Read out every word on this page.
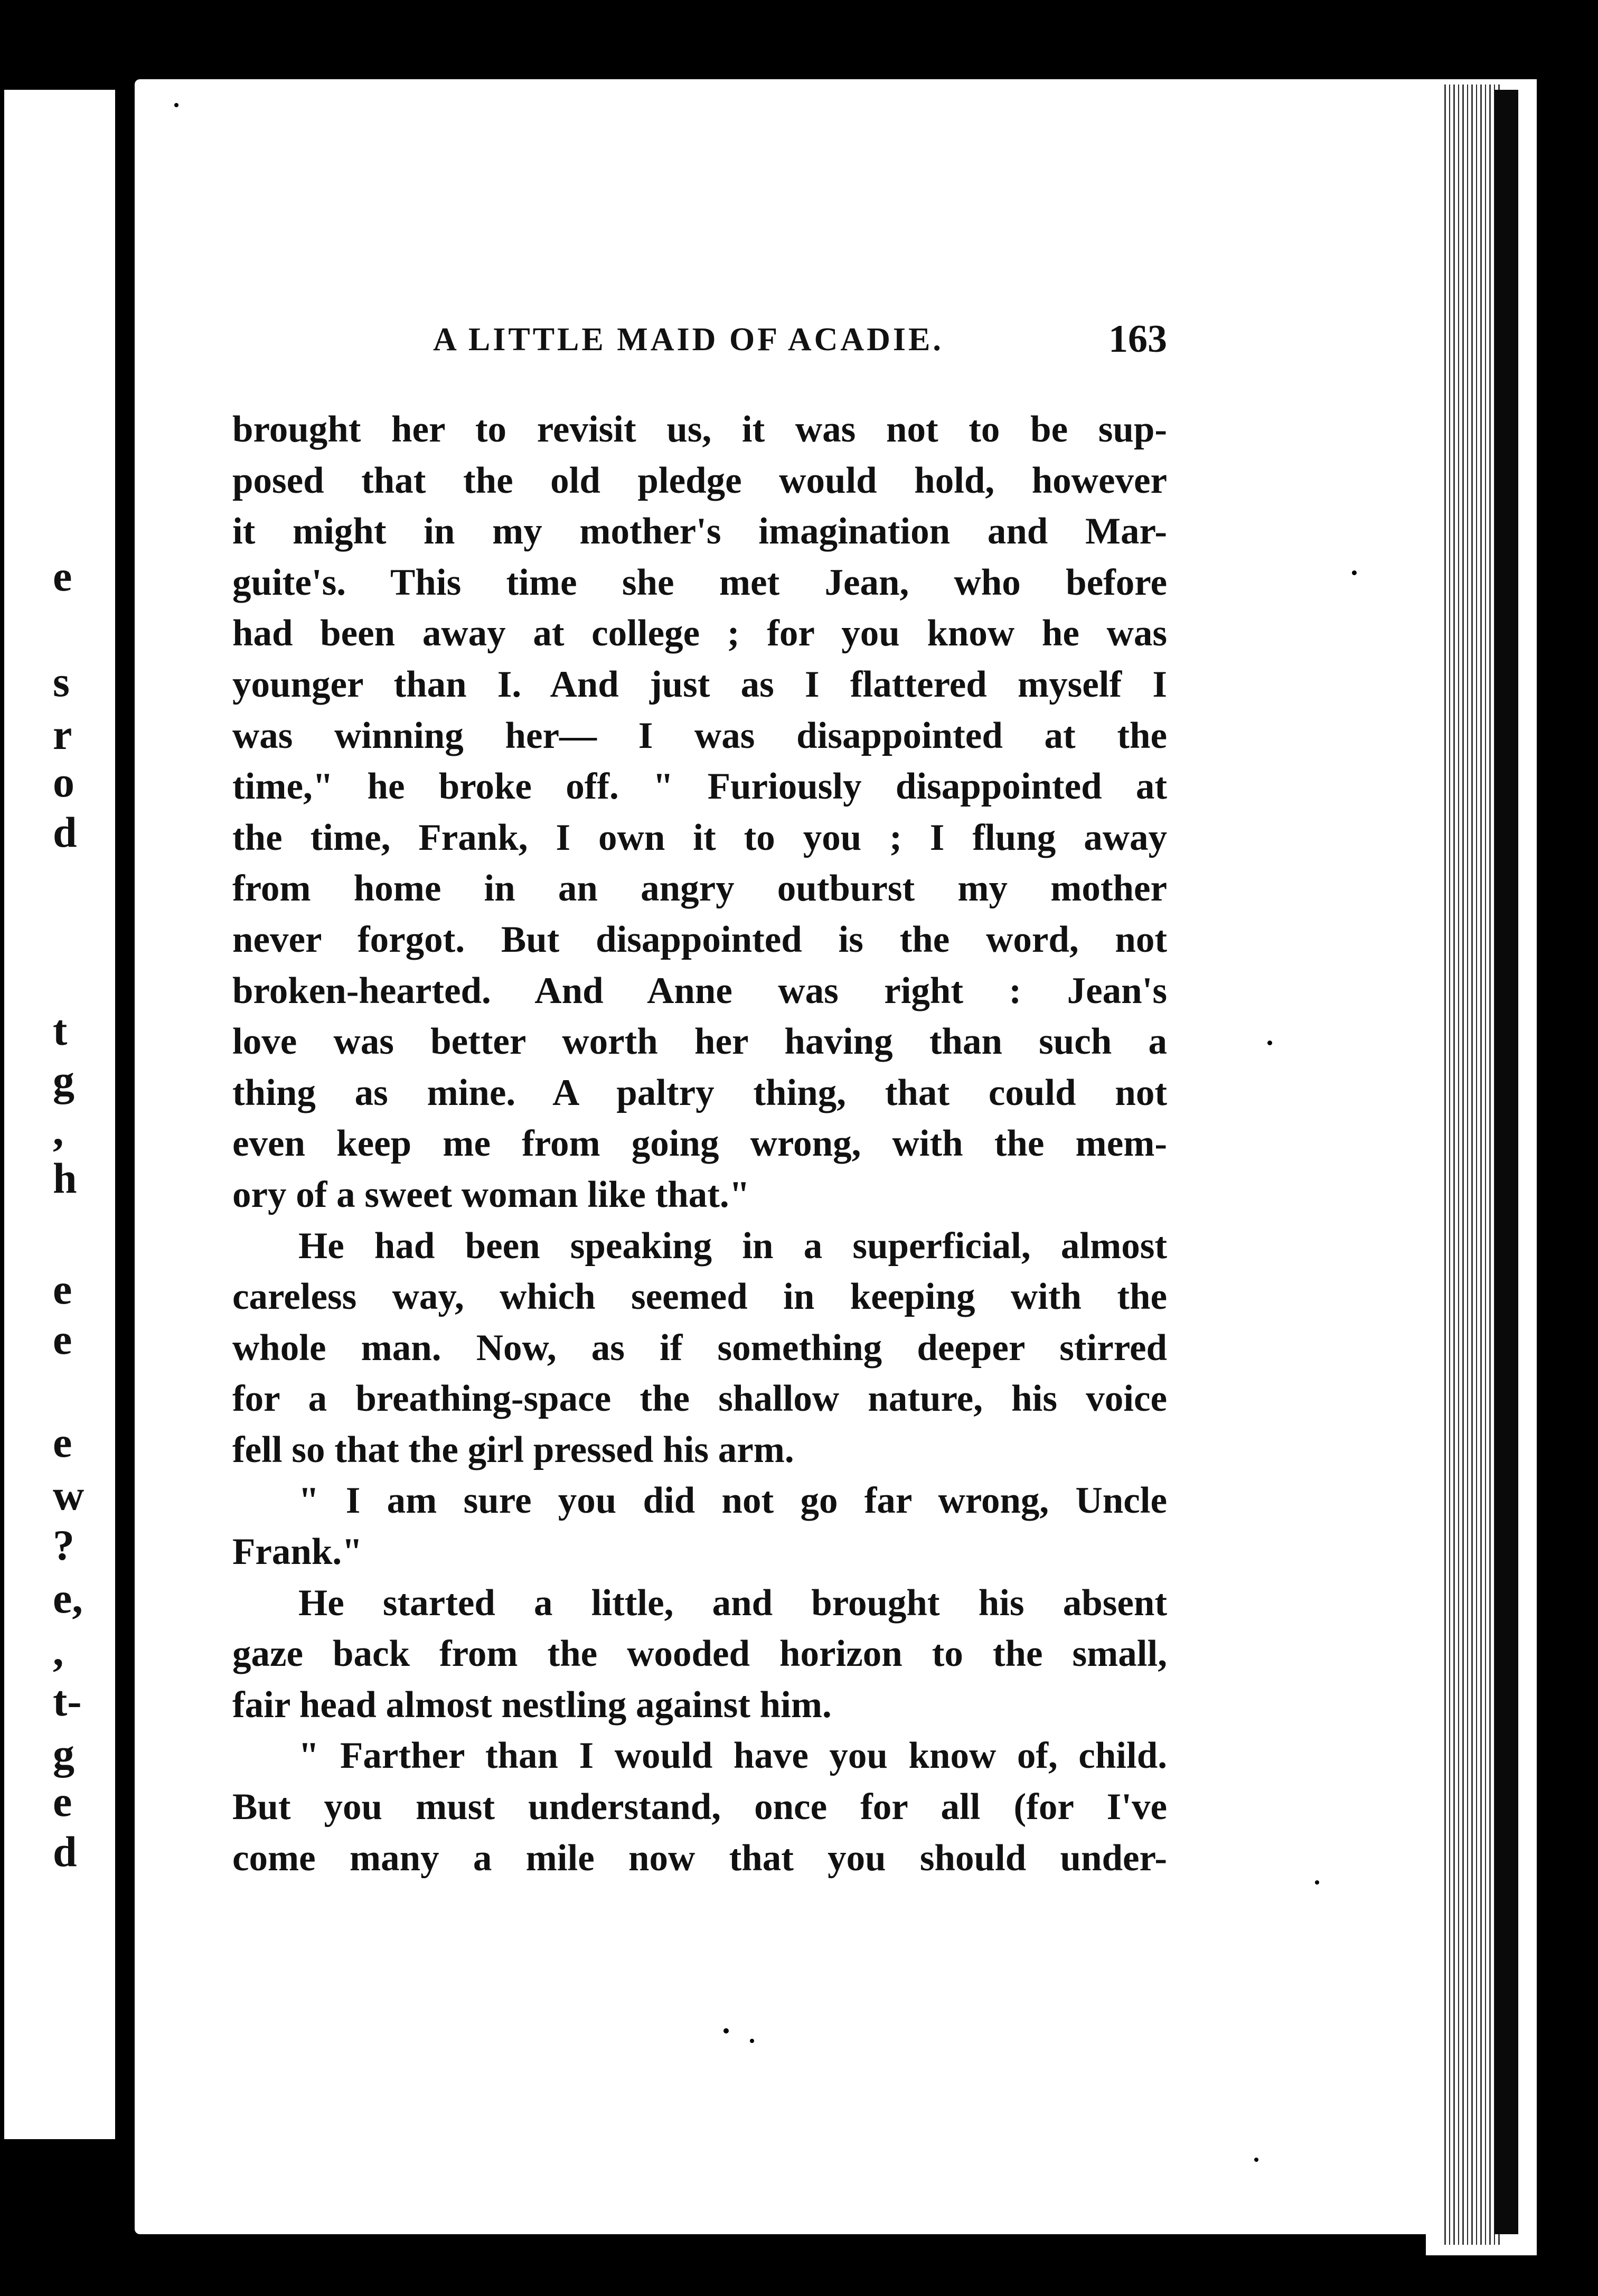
e
s
r
o
d
t
g
,
h
e
e
e
w
?
e,
,
t-
g
e
d
A LITTLE MAID OF ACADIE.	163
brought her to revisit us, it was not to be sup-
posed that the old pledge would hold, however
it might in my mother's imagination and Mar-
guite's. This time she met Jean, who before
had been away at college ; for you know he was
younger than I. And just as I flattered myself I
was winning her— I was disappointed at the
time," he broke off. " Furiously disappointed at
the time, Frank, I own it to you ; I flung away
from home in an angry outburst my mother
never forgot. But disappointed is the word, not
broken-hearted. And Anne was right : Jean's
love was better worth her having than such a
thing as mine. A paltry thing, that could not
even keep me from going wrong, with the mem-
ory of a sweet woman like that."
He had been speaking in a superficial, almost
careless way, which seemed in keeping with the
whole man. Now, as if something deeper stirred
for a breathing-space the shallow nature, his voice
fell so that the girl pressed his arm.
" I am sure you did not go far wrong, Uncle
Frank."
He started a little, and brought his absent
gaze back from the wooded horizon to the small,
fair head almost nestling against him.
" Farther than I would have you know of, child.
But you must understand, once for all (for I've
come many a mile now that you should under-
